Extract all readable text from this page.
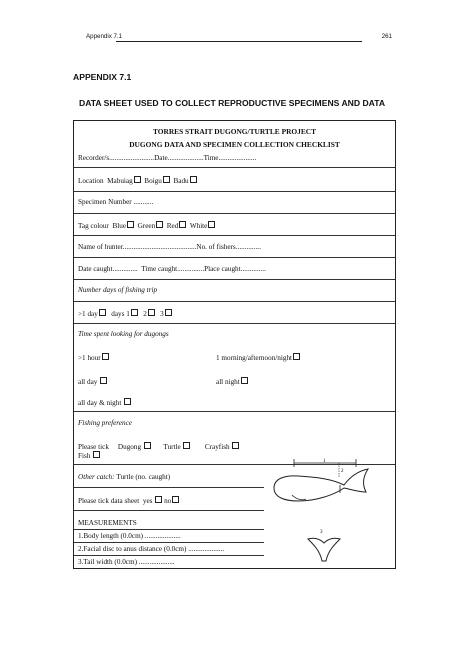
Appendix 7.1	261
APPENDIX 7.1
DATA SHEET USED TO COLLECT REPRODUCTIVE SPECIMENS AND DATA
TORRES STRAIT DUGONG/TURTLE PROJECT
DUGONG DATA AND SPECIMEN COLLECTION CHECKLIST
Recorder/s.........................Date....................Time.....................
Location Mabuiag Boigu Badu
Specimen Number ...........
Tag colour Blue Green Red White
Name of hunter.........................................No. of fishers..............
Date caught..............  Time caught...............Place caught..............
Number days of fishing trip
>1 day days 1 2 3
Time spent looking for dugongs
>1 hour	1 morning/afternoon/night
all day	all night
all day & night
Fishing preference
Please tick Dugong	Turtle	Crayfish
Fish
Other catch: Turtle (no. caught)
Please tick data sheet yes no
MEASUREMENTS
1.Body length (0.0cm) ....................
2.Facial disc to anus distance (0.0cm) ....................
3.Tail width (0.0cm) ....................
1
2
3
